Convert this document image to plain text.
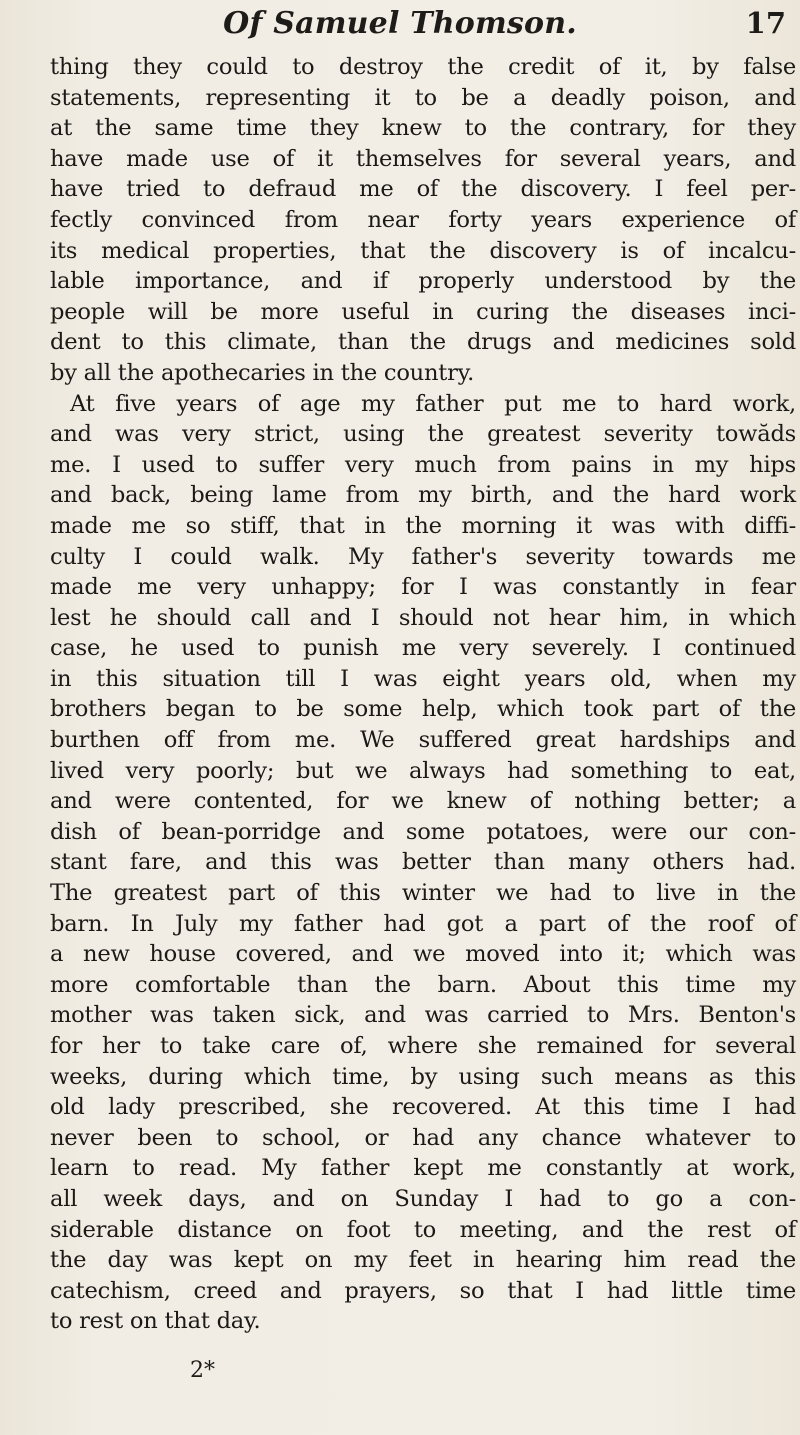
Of Samuel Thomson.	17
thing they could to destroy the credit of it, by false
statements, representing it to be a deadly poison, and
at the same time they knew to the contrary, for they
have made use of it themselves for several years, and
have tried to defraud me of the discovery. I feel per-
fectly convinced from near forty years experience of
its medical properties, that the discovery is of incalcu-
lable importance, and if properly understood by the
people will be more useful in curing the diseases inci-
dent to this climate, than the drugs and medicines sold
by all the apothecaries in the country.
At five years of age my father put me to hard work,
and was very strict, using the greatest severity towăds
me. I used to suffer very much from pains in my hips
and back, being lame from my birth, and the hard work
made me so stiff, that in the morning it was with diffi-
culty I could walk. My father's severity towards me
made me very unhappy; for I was constantly in fear
lest he should call and I should not hear him, in which
case, he used to punish me very severely. I continued
in this situation till I was eight years old, when my
brothers began to be some help, which took part of the
burthen off from me. We suffered great hardships and
lived very poorly; but we always had something to eat,
and were contented, for we knew of nothing better; a
dish of bean-porridge and some potatoes, were our con-
stant fare, and this was better than many others had.
The greatest part of this winter we had to live in the
barn. In July my father had got a part of the roof of
a new house covered, and we moved into it; which was
more comfortable than the barn. About this time my
mother was taken sick, and was carried to Mrs. Benton's
for her to take care of, where she remained for several
weeks, during which time, by using such means as this
old lady prescribed, she recovered. At this time I had
never been to school, or had any chance whatever to
learn to read. My father kept me constantly at work,
all week days, and on Sunday I had to go a con-
siderable distance on foot to meeting, and the rest of
the day was kept on my feet in hearing him read the
catechism, creed and prayers, so that I had little time
to rest on that day.
2*
